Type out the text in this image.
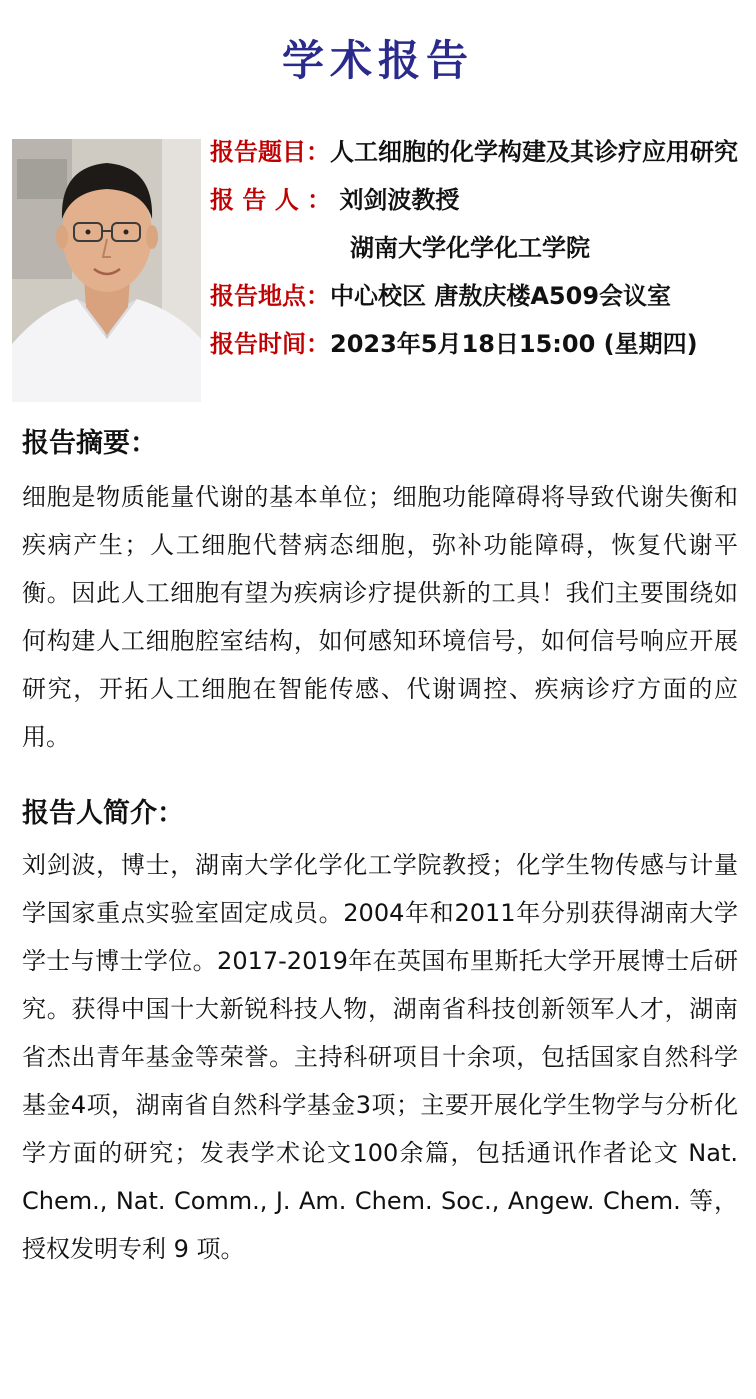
学术报告
报告题目：人工细胞的化学构建及其诊疗应用研究
报 告 人 ： 刘剑波教授
湖南大学化学化工学院
报告地点：中心校区 唐敖庆楼A509会议室
报告时间：2023年5月18日15:00 (星期四)
报告摘要：
细胞是物质能量代谢的基本单位；细胞功能障碍将导致代谢失衡和疾病产生；人工细胞代替病态细胞，弥补功能障碍，恢复代谢平衡。因此人工细胞有望为疾病诊疗提供新的工具！我们主要围绕如何构建人工细胞腔室结构，如何感知环境信号，如何信号响应开展研究，开拓人工细胞在智能传感、代谢调控、疾病诊疗方面的应用。
报告人简介：
刘剑波，博士，湖南大学化学化工学院教授；化学生物传感与计量学国家重点实验室固定成员。2004年和2011年分别获得湖南大学学士与博士学位。2017-2019年在英国布里斯托大学开展博士后研究。获得中国十大新锐科技人物，湖南省科技创新领军人才，湖南省杰出青年基金等荣誉。主持科研项目十余项，包括国家自然科学基金4项，湖南省自然科学基金3项；主要开展化学生物学与分析化学方面的研究；发表学术论文100余篇，包括通讯作者论文 Nat. Chem., Nat. Comm., J. Am. Chem. Soc., Angew. Chem. 等，授权发明专利 9 项。
